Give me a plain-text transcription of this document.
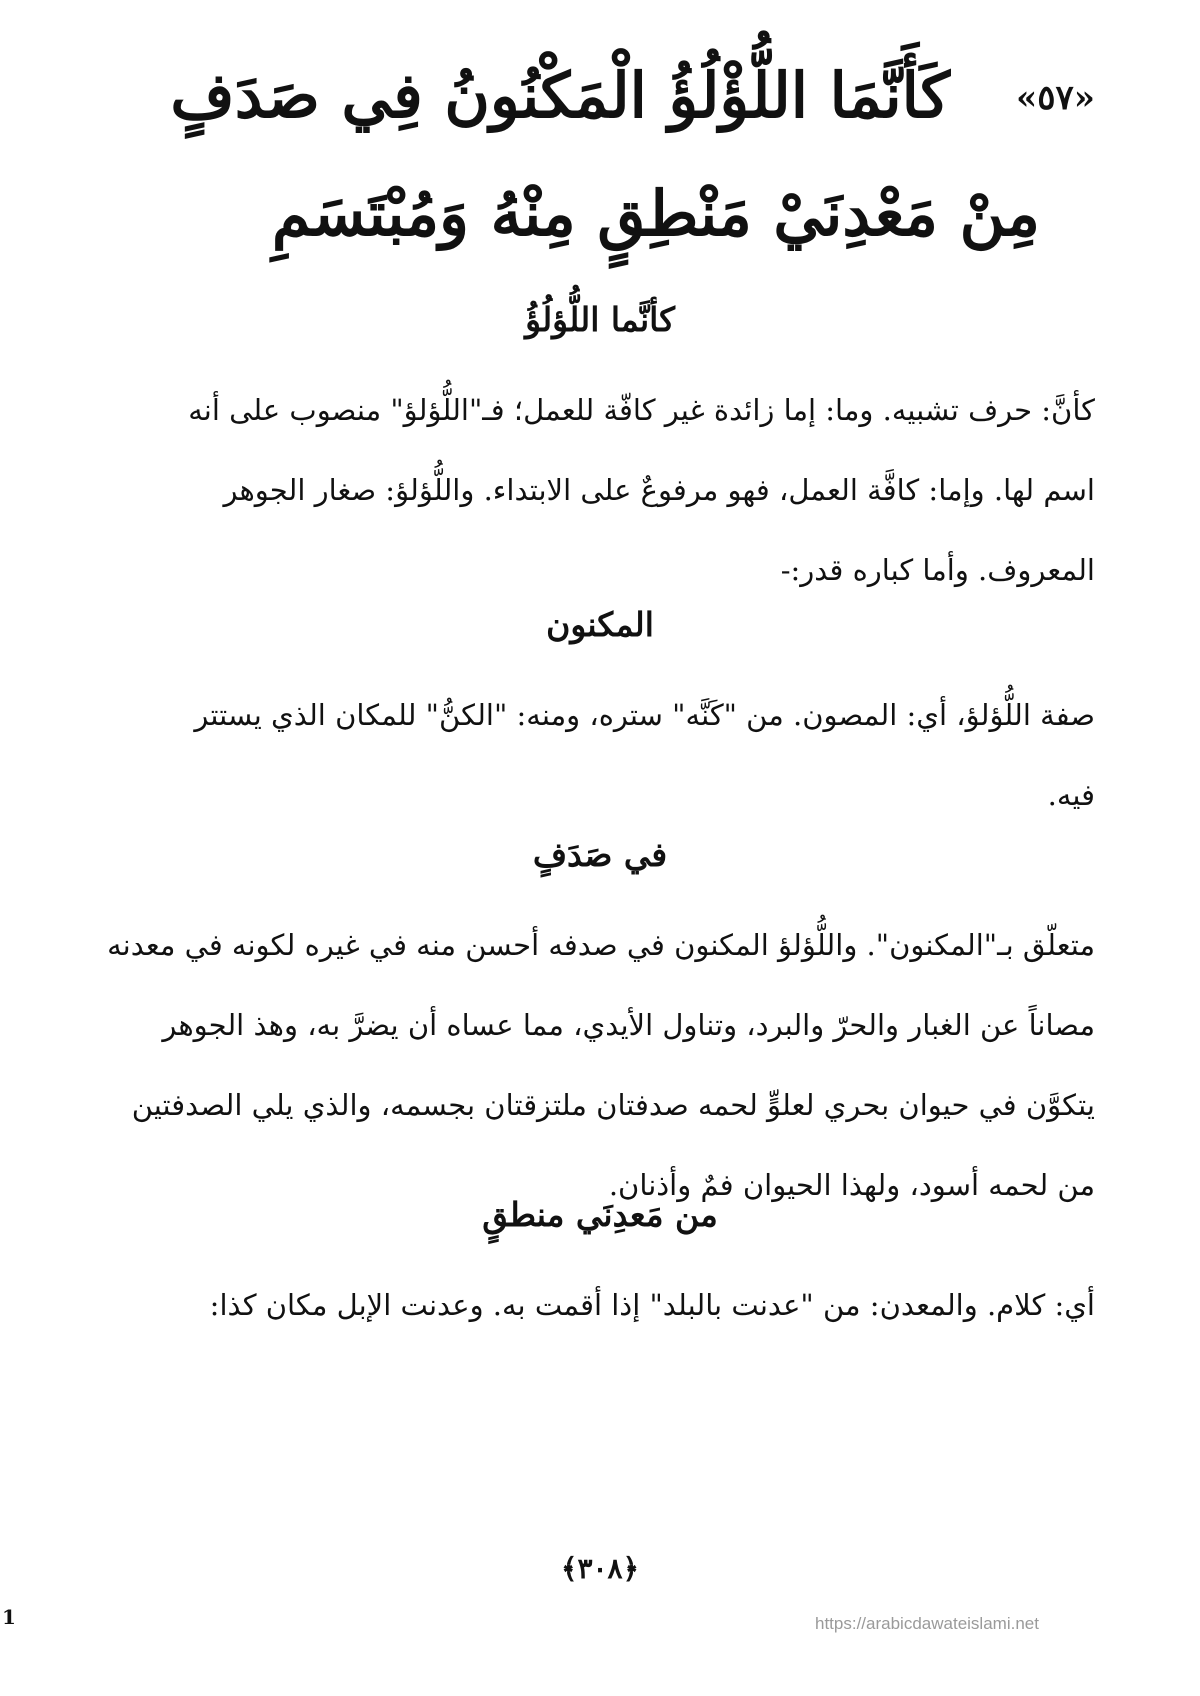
«٥٧»
كَأَنَّمَا اللُّؤْلُؤُ الْمَكْنُونُ فِي صَدَفٍ
مِنْ مَعْدِنَيْ مَنْطِقٍ مِنْهُ وَمُبْتَسَمِ
كأنَّما اللُّؤلُؤُ
كأنَّ: حرف تشبيه. وما: إما زائدة غير كافّة للعمل؛ فـ"اللُّؤلؤ" منصوب على أنه
اسم لها. وإما: كافَّة العمل، فهو مرفوعٌ على الابتداء. واللُّؤلؤ: صغار الجوهر
المعروف. وأما كباره قدر:-
المكنون
صفة اللُّؤلؤ، أي: المصون. من "كَنَّه" ستره، ومنه: "الكنُّ" للمكان الذي يستتر
فيه.
في صَدَفٍ
متعلّق بـ"المكنون". واللُّؤلؤ المكنون في صدفه أحسن منه في غيره لكونه في معدنه
مصاناً عن الغبار والحرّ والبرد، وتناول الأيدي، مما عساه أن يضرَّ به، وهذ الجوهر
يتكوَّن في حيوان بحري لعلوٍّ لحمه صدفتان ملتزقتان بجسمه، والذي يلي الصدفتين
من لحمه أسود، ولهذا الحيوان فمٌ وأذنان.
من مَعدِنَي منطقٍ
أي: كلام. والمعدن: من "عدنت بالبلد" إذا أقمت به. وعدنت الإبل مكان كذا:
﴿٣٠٨﴾
https://arabicdawateislami.net
1
